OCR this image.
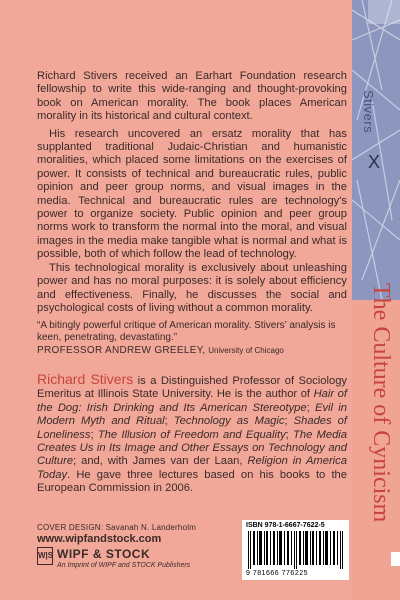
Stivers
X
The Culture of Cynicism

Richard Stivers received an Earhart Foundation research fellowship to write this wide-ranging and thought-provoking book on American morality. The book places American morality in its historical and cultural context.

His research uncovered an ersatz morality that has supplanted traditional Judaic-Christian and humanistic moralities, which placed some limitations on the exercises of power. It consists of technical and bureaucratic rules, public opinion and peer group norms, and visual images in the media. Technical and bureaucratic rules are technology's power to organize society. Public opinion and peer group norms work to transform the normal into the moral, and visual images in the media make tangible what is normal and what is possible, both of which follow the lead of technology.

This technological morality is exclusively about unleashing power and has no moral purposes: it is solely about efficiency and effectiveness. Finally, he discusses the social and psychological costs of living without a common morality.

“A bitingly powerful critique of American morality. Stivers’ analysis is keen, penetrating, devastating.”
PROFESSOR ANDREW GREELEY, University of Chicago
Richard Stivers is a Distinguished Professor of Sociology Emeritus at Illinois State University. He is the author of Hair of the Dog: Irish Drinking and Its American Stereotype; Evil in Modern Myth and Ritual; Technology as Magic; Shades of Loneliness; The Illusion of Freedom and Equality; The Media Creates Us in Its Image and Other Essays on Technology and Culture; and, with James van der Laan, Religion in America Today. He gave three lectures based on his books to the European Commission in 2006.
COVER DESIGN: Savanah N. Landerholm
www.wipfandstock.com
W|S WIPF & STOCK
An Imprint of WIPF and STOCK Publishers
ISBN 978-1-6667-7622-5
9 781666 776225
